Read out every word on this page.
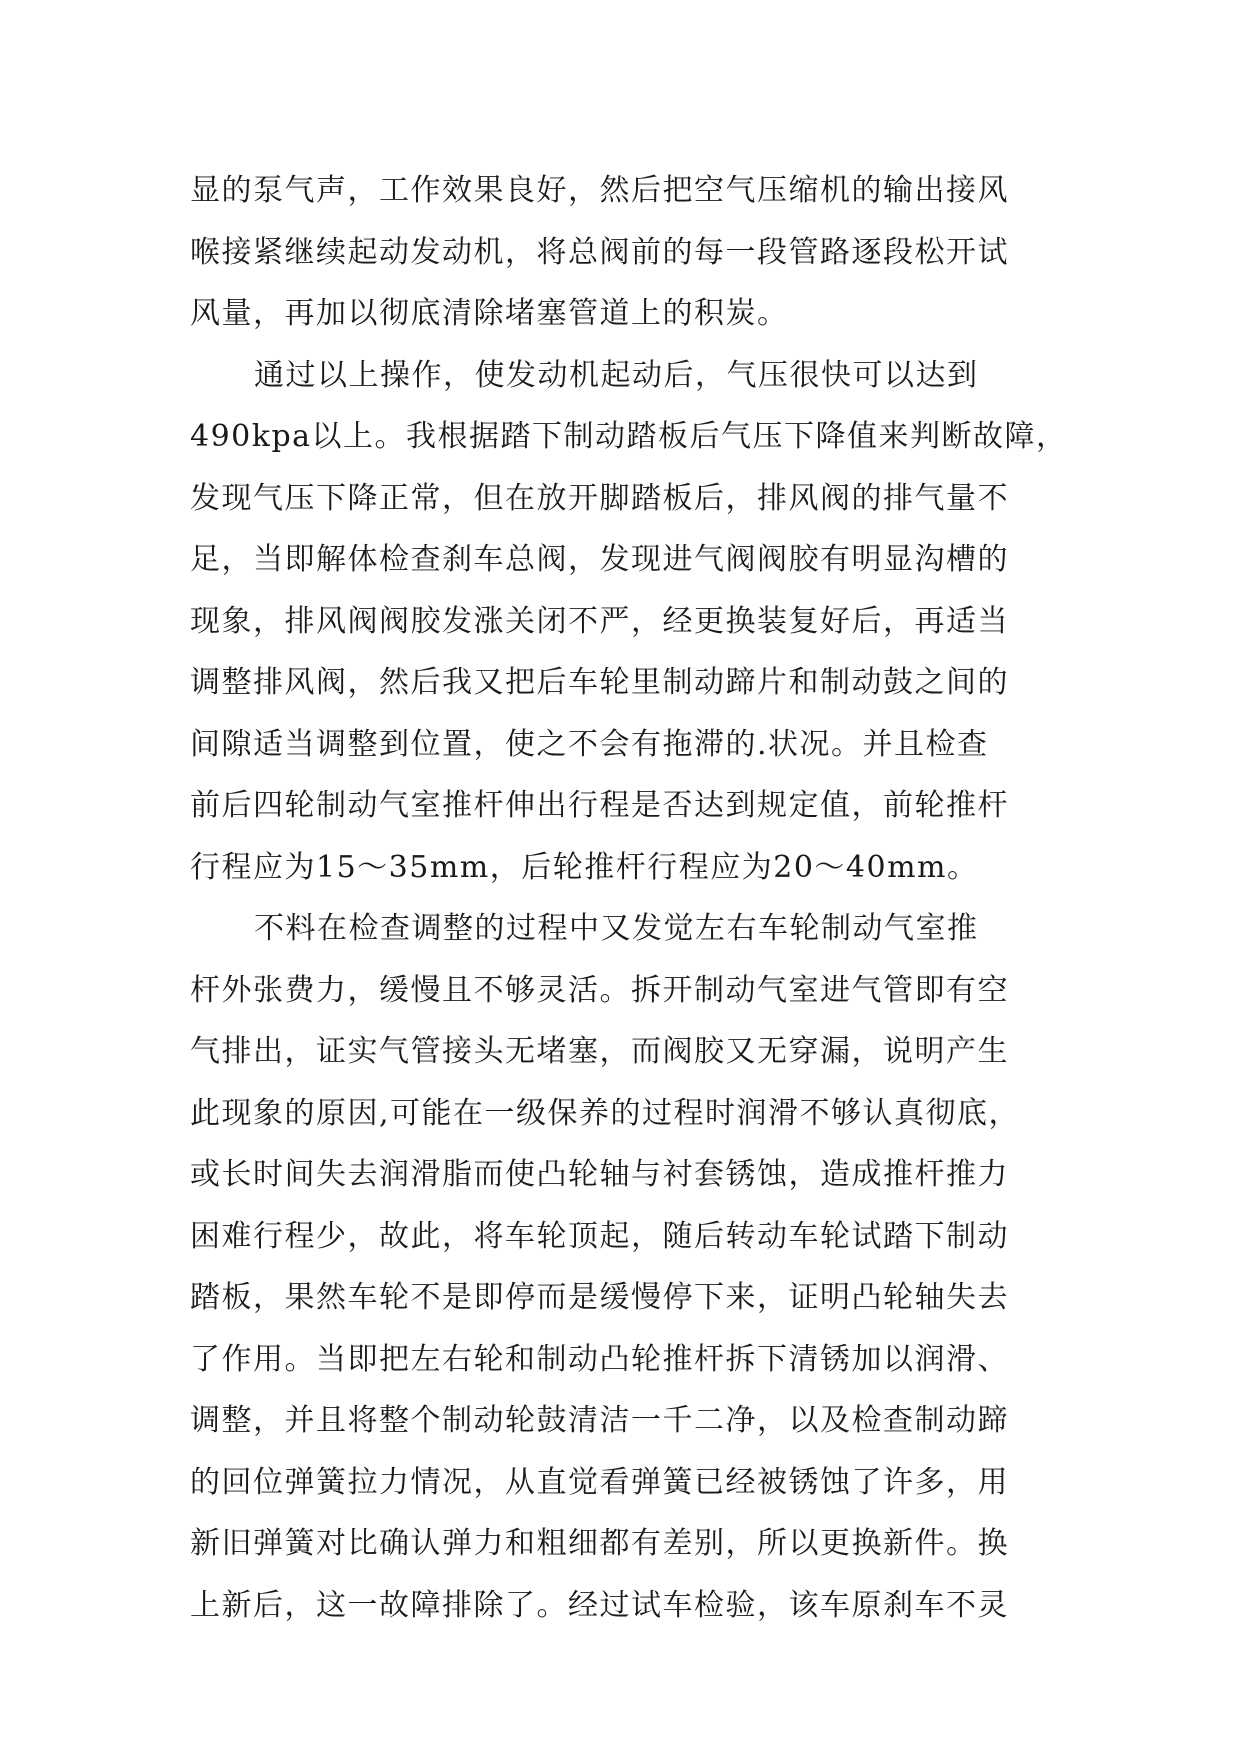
显的泵气声，工作效果良好，然后把空气压缩机的输出接风
喉接紧继续起动发动机，将总阀前的每一段管路逐段松开试
风量，再加以彻底清除堵塞管道上的积炭。
通过以上操作，使发动机起动后，气压很快可以达到
490kpa以上。我根据踏下制动踏板后气压下降值来判断故障，
发现气压下降正常，但在放开脚踏板后，排风阀的排气量不
足，当即解体检查刹车总阀，发现进气阀阀胶有明显沟槽的
现象，排风阀阀胶发涨关闭不严，经更换装复好后，再适当
调整排风阀，然后我又把后车轮里制动蹄片和制动鼓之间的
间隙适当调整到位置，使之不会有拖滞的.状况。并且检查
前后四轮制动气室推杆伸出行程是否达到规定值，前轮推杆
行程应为15～35mm，后轮推杆行程应为20～40mm。
不料在检查调整的过程中又发觉左右车轮制动气室推
杆外张费力，缓慢且不够灵活。拆开制动气室进气管即有空
气排出，证实气管接头无堵塞，而阀胶又无穿漏，说明产生
此现象的原因,可能在一级保养的过程时润滑不够认真彻底，
或长时间失去润滑脂而使凸轮轴与衬套锈蚀，造成推杆推力
困难行程少，故此，将车轮顶起，随后转动车轮试踏下制动
踏板，果然车轮不是即停而是缓慢停下来，证明凸轮轴失去
了作用。当即把左右轮和制动凸轮推杆拆下清锈加以润滑、
调整，并且将整个制动轮鼓清洁一千二净，以及检查制动蹄
的回位弹簧拉力情况，从直觉看弹簧已经被锈蚀了许多，用
新旧弹簧对比确认弹力和粗细都有差别，所以更换新件。换
上新后，这一故障排除了。经过试车检验，该车原刹车不灵
